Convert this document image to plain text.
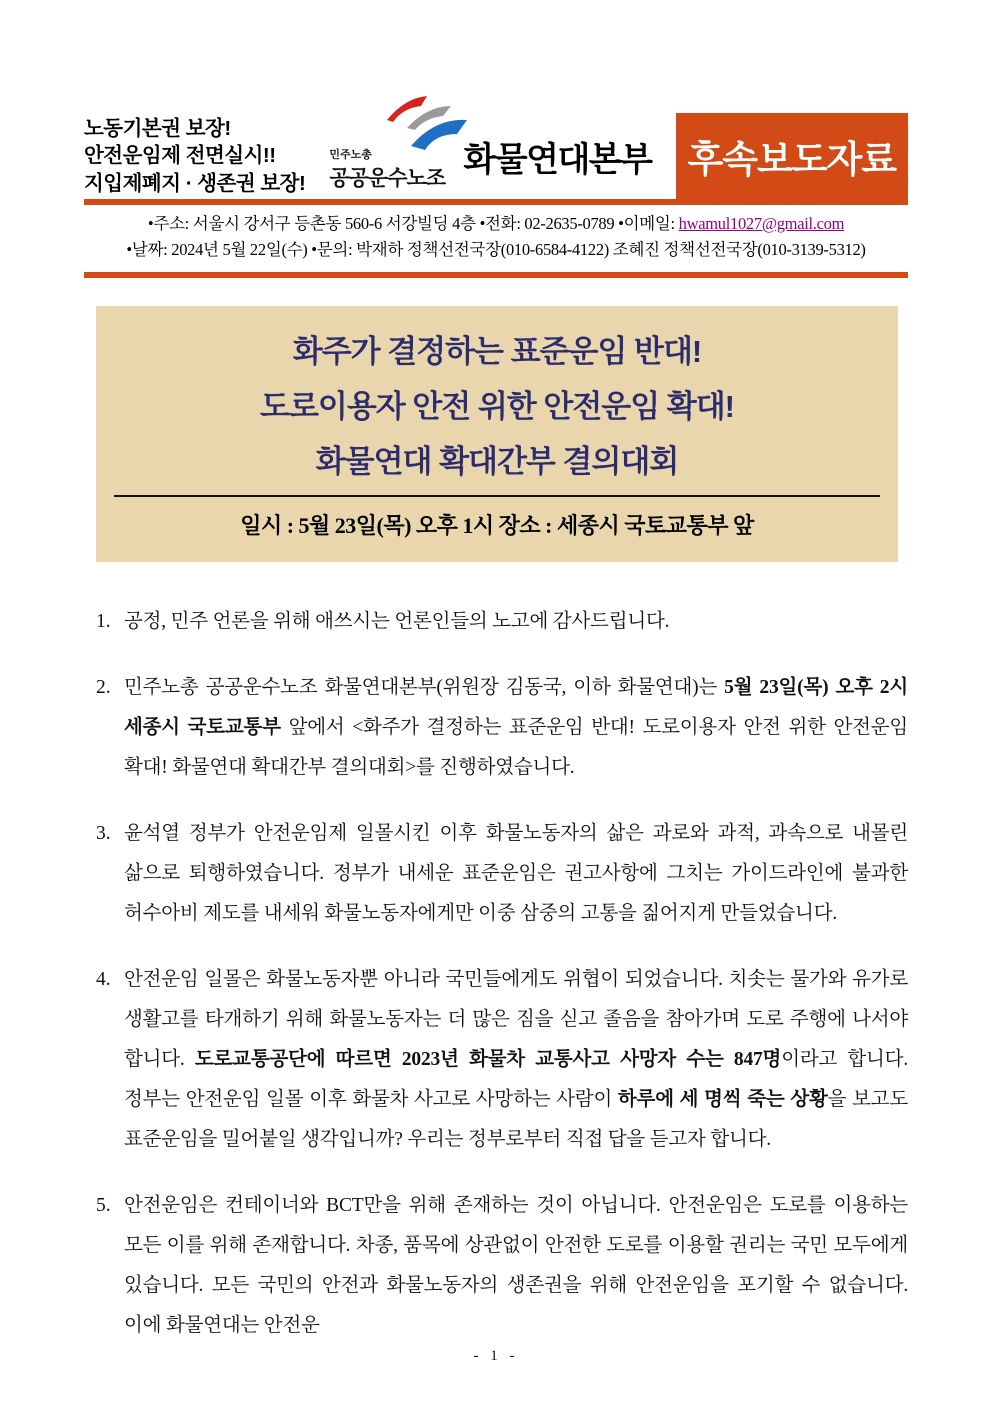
노동기본권 보장!
안전운임제 전면실시!!
지입제폐지 · 생존권 보장!
민주노총
공공운수노조 화물연대본부 후속보도자료
•주소: 서울시 강서구 등촌동 560-6 서강빌딩 4층 •전화: 02-2635-0789 •이메일: hwamul1027@gmail.com
•날짜: 2024년 5월 22일(수) •문의: 박재하 정책선전국장(010-6584-4122) 조혜진 정책선전국장(010-3139-5312)
화주가 결정하는 표준운임 반대!
도로이용자 안전 위한 안전운임 확대!
화물연대 확대간부 결의대회
일시 : 5월 23일(목) 오후 1시 장소 : 세종시 국토교통부 앞
1. 공정, 민주 언론을 위해 애쓰시는 언론인들의 노고에 감사드립니다.

2. 민주노총 공공운수노조 화물연대본부(위원장 김동국, 이하 화물연대)는 5월 23일(목) 오후 2시 세종시 국토교통부 앞에서 <화주가 결정하는 표준운임 반대! 도로이용자 안전 위한 안전운임 확대! 화물연대 확대간부 결의대회>를 진행하였습니다.

3. 윤석열 정부가 안전운임제 일몰시킨 이후 화물노동자의 삶은 과로와 과적, 과속으로 내몰린 삶으로 퇴행하였습니다. 정부가 내세운 표준운임은 권고사항에 그치는 가이드라인에 불과한 허수아비 제도를 내세워 화물노동자에게만 이중 삼중의 고통을 짊어지게 만들었습니다.

4. 안전운임 일몰은 화물노동자뿐 아니라 국민들에게도 위협이 되었습니다. 치솟는 물가와 유가로 생활고를 타개하기 위해 화물노동자는 더 많은 짐을 싣고 졸음을 참아가며 도로 주행에 나서야 합니다. 도로교통공단에 따르면 2023년 화물차 교통사고 사망자 수는 847명이라고 합니다. 정부는 안전운임 일몰 이후 화물차 사고로 사망하는 사람이 하루에 세 명씩 죽는 상황을 보고도 표준운임을 밀어붙일 생각입니까? 우리는 정부로부터 직접 답을 듣고자 합니다.

5. 안전운임은 컨테이너와 BCT만을 위해 존재하는 것이 아닙니다. 안전운임은 도로를 이용하는 모든 이를 위해 존재합니다. 차종, 품목에 상관없이 안전한 도로를 이용할 권리는 국민 모두에게 있습니다. 모든 국민의 안전과 화물노동자의 생존권을 위해 안전운임을 포기할 수 없습니다. 이에 화물연대는 안전운

- 1 -
